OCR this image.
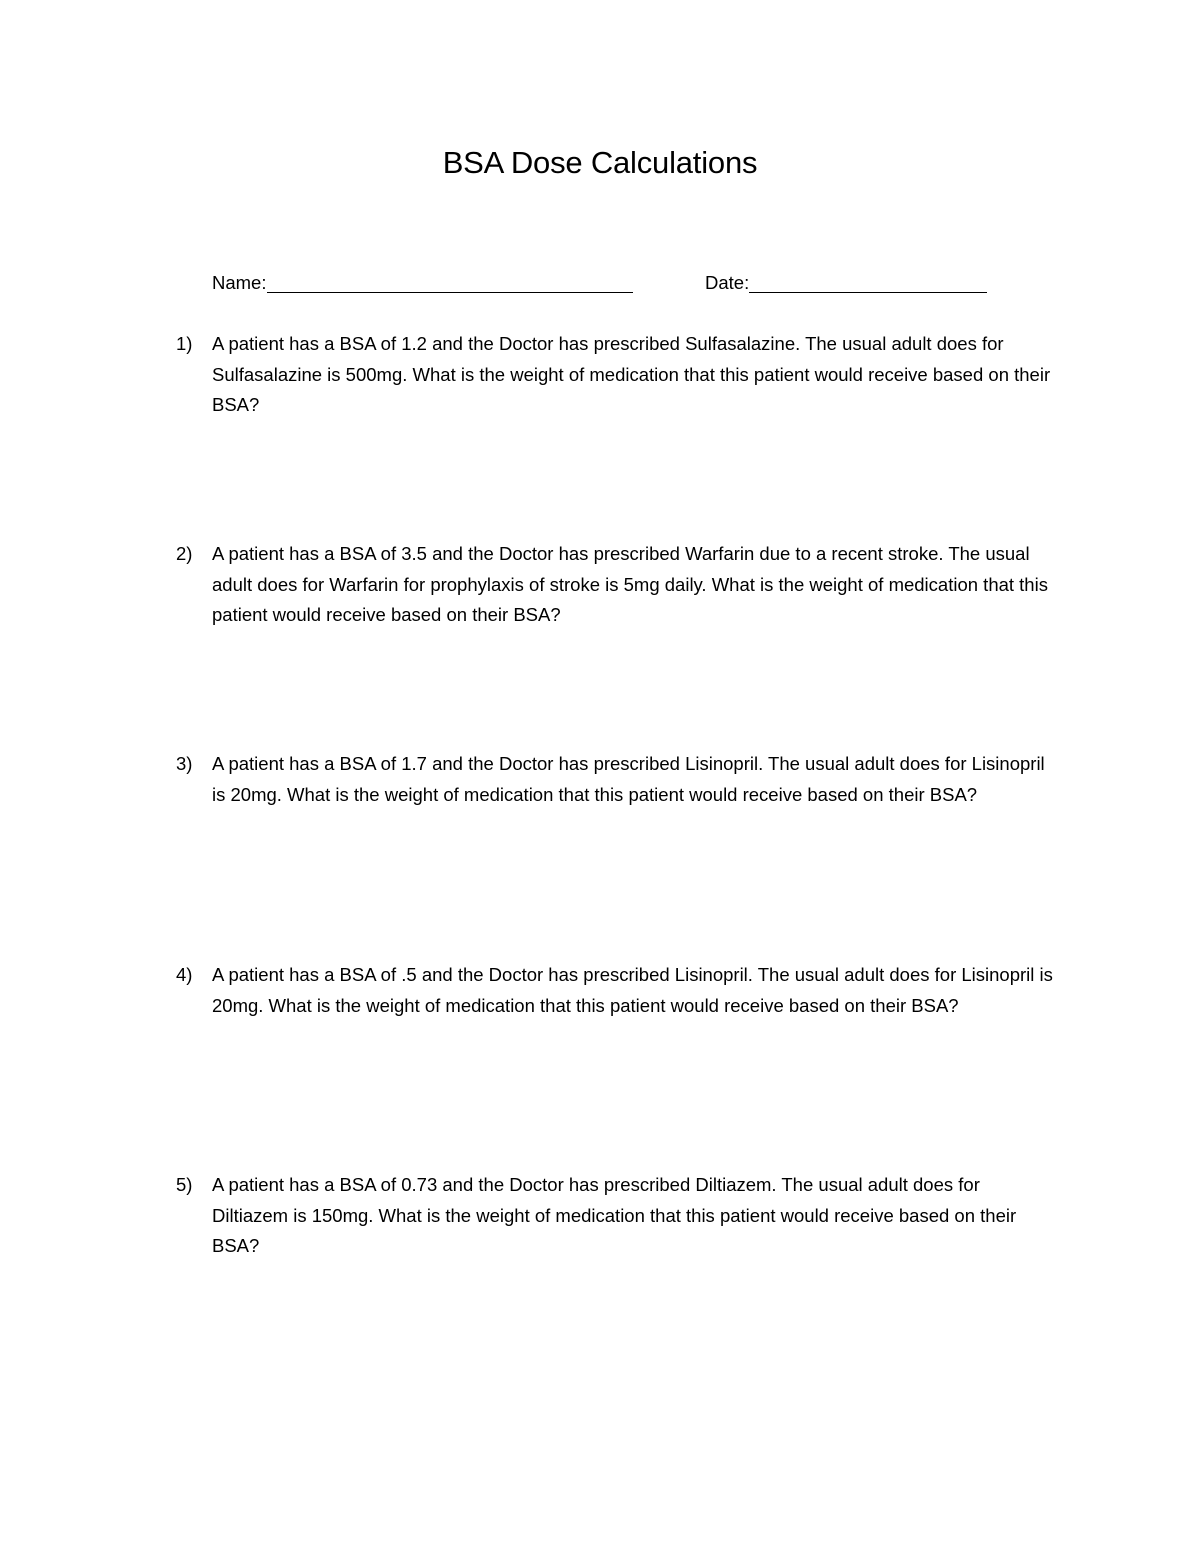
BSA Dose Calculations
Name:	Date:
1)	A patient has a BSA of 1.2 and the Doctor has prescribed Sulfasalazine. The usual adult does for Sulfasalazine is 500mg. What is the weight of medication that this patient would receive based on their BSA?
2)	A patient has a BSA of 3.5 and the Doctor has prescribed Warfarin due to a recent stroke. The usual adult does for Warfarin for prophylaxis of stroke is 5mg daily. What is the weight of medication that this patient would receive based on their BSA?
3)	A patient has a BSA of 1.7 and the Doctor has prescribed Lisinopril. The usual adult does for Lisinopril is 20mg. What is the weight of medication that this patient would receive based on their BSA?
4)	A patient has a BSA of .5 and the Doctor has prescribed Lisinopril. The usual adult does for Lisinopril is 20mg. What is the weight of medication that this patient would receive based on their BSA?
5)	A patient has a BSA of 0.73 and the Doctor has prescribed Diltiazem. The usual adult does for Diltiazem is 150mg. What is the weight of medication that this patient would receive based on their BSA?
